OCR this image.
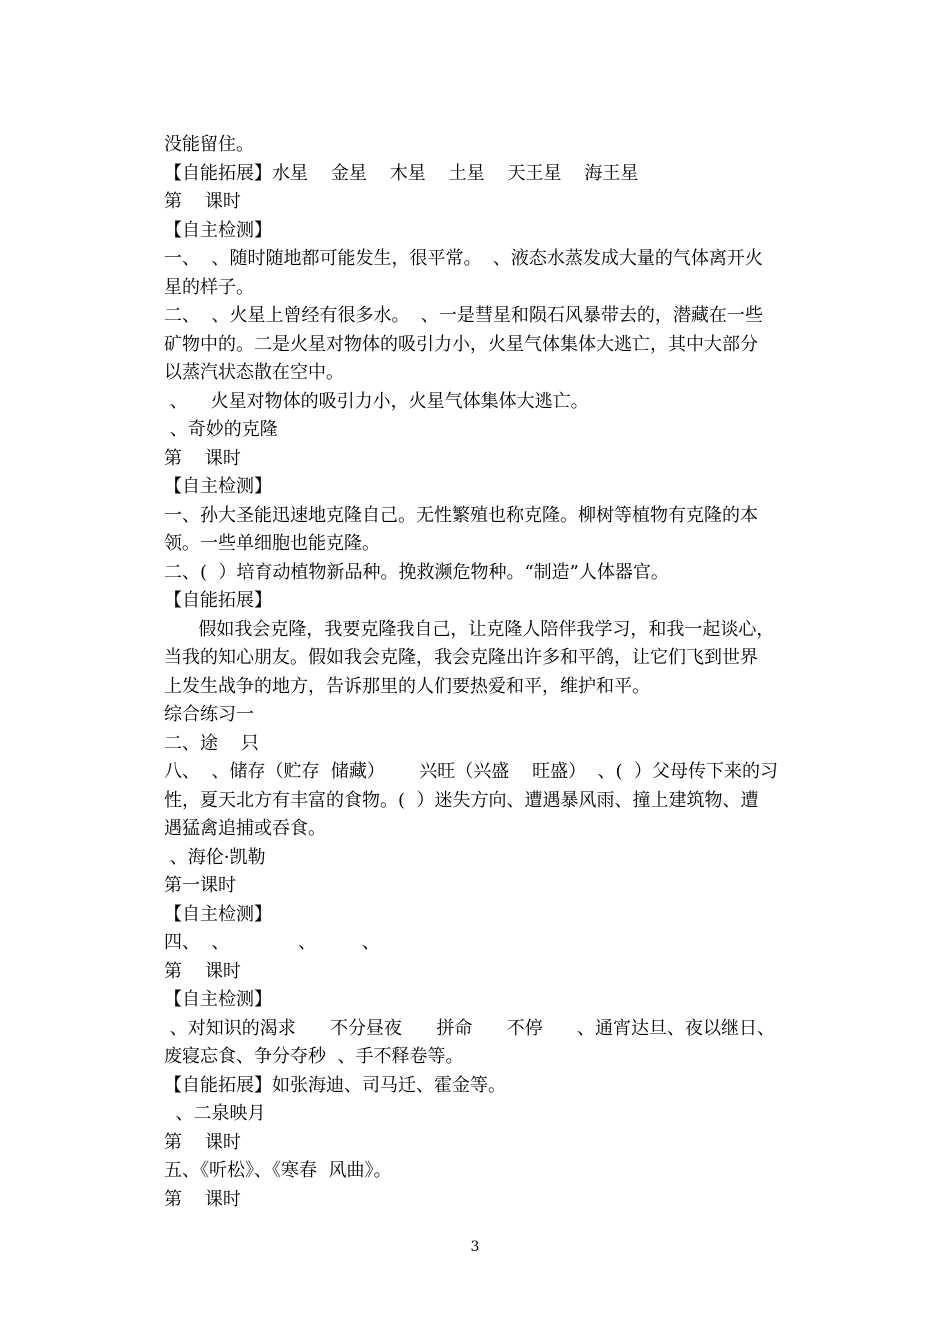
没能留住。

【自能拓展】水星    金星    木星    土星    天王星    海王星

第    课时

【自主检测】

一、  、随时随地都可能发生，很平常。  、液态水蒸发成大量的气体离开火

星的样子。

二、  、火星上曾经有很多水。  、一是彗星和陨石风暴带去的，潜藏在一些

矿物中的。二是火星对物体的吸引力小，火星气体集体大逃亡，其中大部分

以蒸汽状态散在空中。

、    火星对物体的吸引力小，火星气体集体大逃亡。

、奇妙的克隆

第    课时

【自主检测】

一、孙大圣能迅速地克隆自己。无性繁殖也称克隆。柳树等植物有克隆的本

领。一些单细胞也能克隆。

二、(  ）培育动植物新品种。挽救濒危物种。“制造”人体器官。

【自能拓展】

假如我会克隆，我要克隆我自己，让克隆人陪伴我学习，和我一起谈心，

当我的知心朋友。假如我会克隆，我会克隆出许多和平鸽，让它们飞到世界

上发生战争的地方，告诉那里的人们要热爱和平，维护和平。

综合练习一

二、途    只

八、  、储存（贮存  储藏）      兴旺（兴盛    旺盛）  、(  ）父母传下来的习

性，夏天北方有丰富的食物。(  ）迷失方向、遭遇暴风雨、撞上建筑物、遭

遇猛禽追捕或吞食。

、海伦·凯勒

第一课时

【自主检测】

四、  、            、        、

第    课时

【自主检测】

、对知识的渴求      不分昼夜      拼命      不停      、通宵达旦、夜以继日、

废寝忘食、争分夺秒  、手不释卷等。

【自能拓展】如张海迪、司马迁、霍金等。

、二泉映月

第    课时

五、《听松》、《寒春  风曲》。

第    课时

3
